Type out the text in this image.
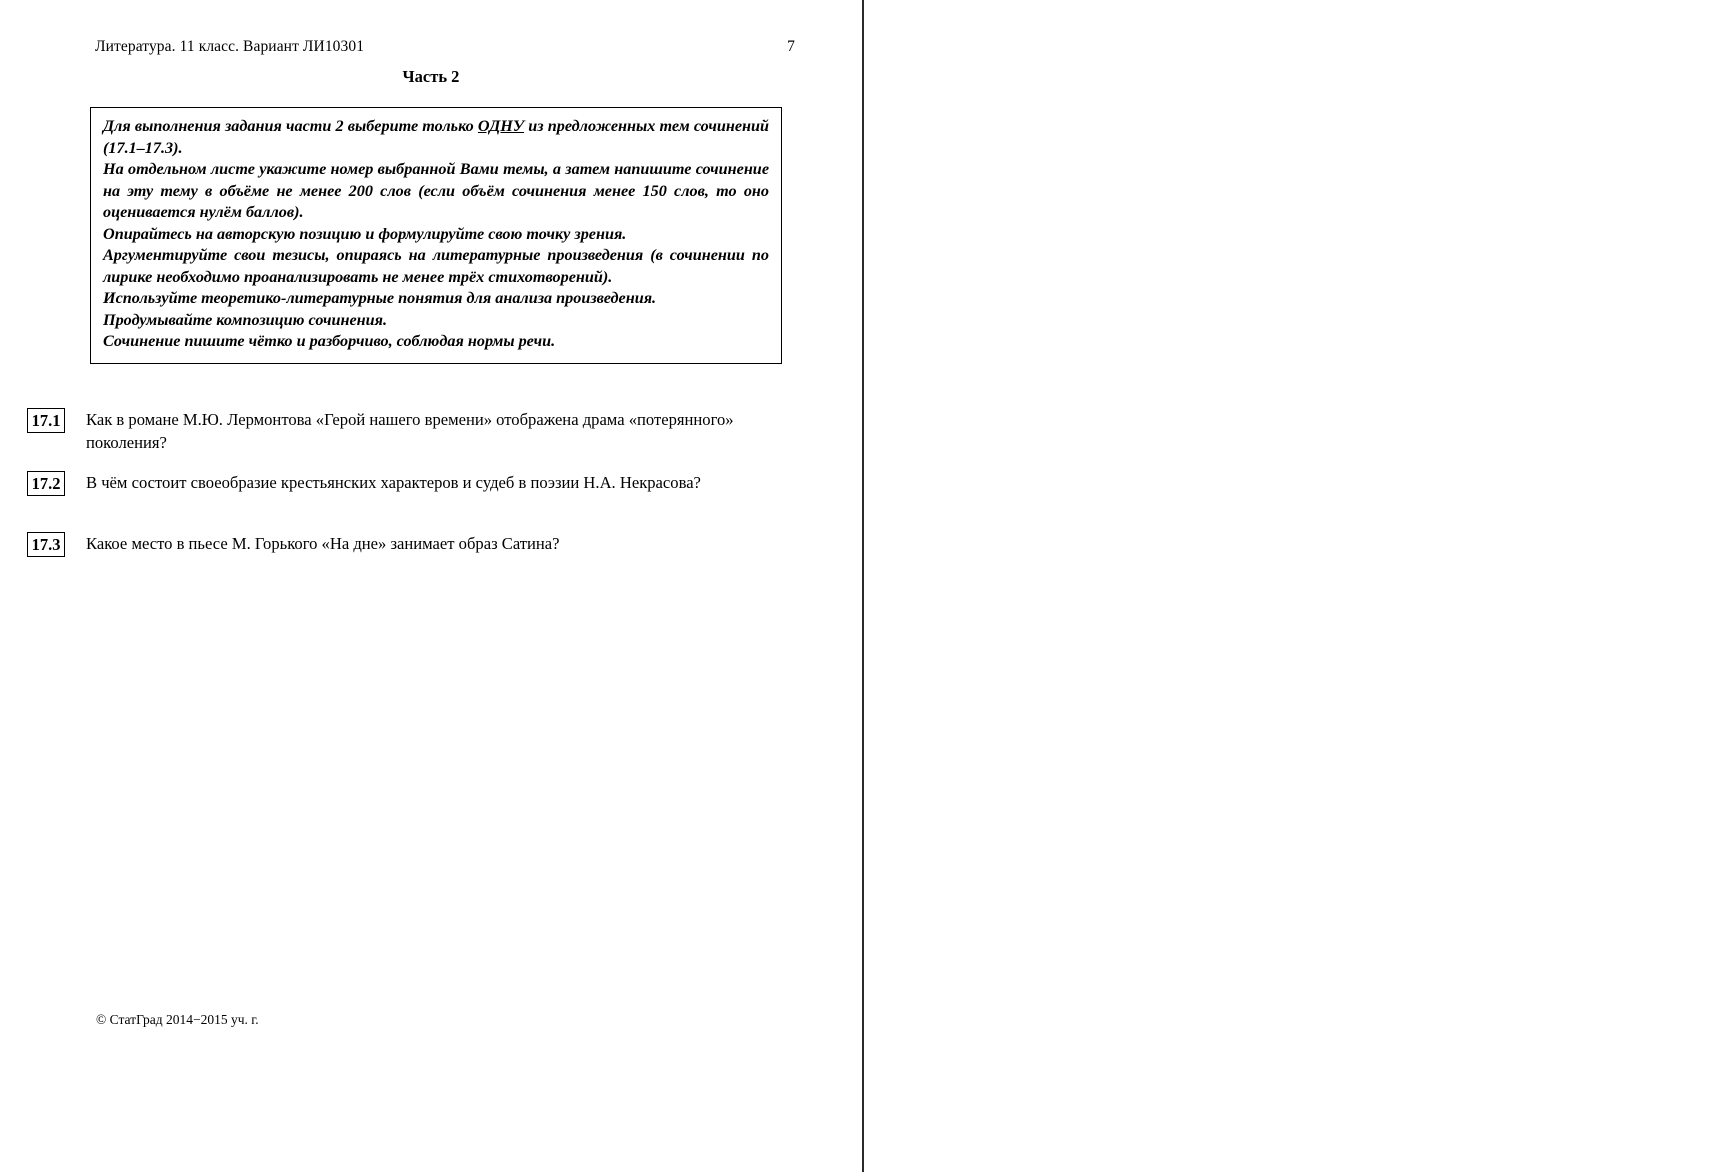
Литература. 11 класс. Вариант ЛИ10301	7
Часть 2

Для выполнения задания части 2 выберите только ОДНУ из предложенных тем сочинений (17.1–17.3).

На отдельном листе укажите номер выбранной Вами темы, а затем напишите сочинение на эту тему в объёме не менее 200 слов (если объём сочинения менее 150 слов, то оно оценивается нулём баллов).

Опирайтесь на авторскую позицию и формулируйте свою точку зрения.

Аргументируйте свои тезисы, опираясь на литературные произведения (в сочинении по лирике необходимо проанализировать не менее трёх стихотворений).

Используйте теоретико-литературные понятия для анализа произведения.

Продумывайте композицию сочинения.

Сочинение пишите чётко и разборчиво, соблюдая нормы речи.

17.1 Как в романе М.Ю. Лермонтова «Герой нашего времени» отображена драма «потерянного» поколения?
17.2 В чём состоит своеобразие крестьянских характеров и судеб в поэзии Н.А. Некрасова?
17.3 Какое место в пьесе М. Горького «На дне» занимает образ Сатина?
© СтатГрад 2014−2015 уч. г.
